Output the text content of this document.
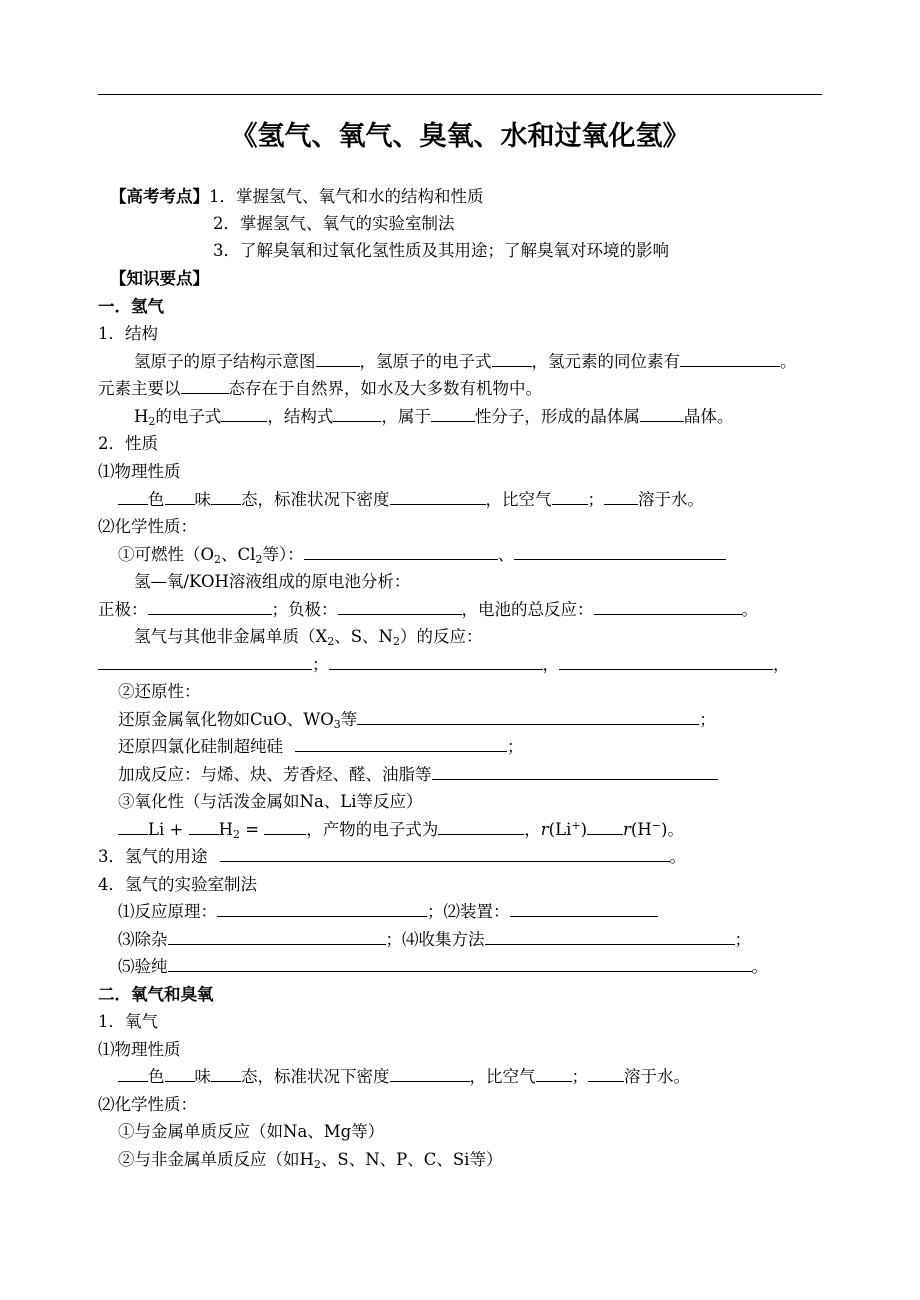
《氢气、氧气、臭氧、水和过氧化氢》
【高考考点】1．掌握氢气、氧气和水的结构和性质
2．掌握氢气、氧气的实验室制法
3．了解臭氧和过氧化氢性质及其用途；了解臭氧对环境的影响
【知识要点】
一．氢气
1．结构
氢原子的原子结构示意图	，氢原子的电子式 ，氢元素的同位素有	。
元素主要以	态存在于自然界，如水及大多数有机物中。
$H_2$的电子式	，结构式	，属于	性分子，形成的晶体属	晶体。
2．性质
⑴物理性质
色 味 态，标准状况下密度	，比空气 ； 溶于水。
⑵化学性质：
①可燃性（$O_2$、$Cl_2$等）：	、
氢—氧/KOH溶液组成的原电池分析：
正极：	；负极：	，电池的总反应：	。
氢气与其他非金属单质（$X_2$、S、$N_2$）的反应：
；	，	，
②还原性：
还原金属氧化物如CuO、$WO_3$等	；
还原四氯化硅制超纯硅	；
加成反应：与烯、炔、芳香烃、醛、油脂等
③氧化性（与活泼金属如Na、Li等反应）
$Li + H_2$ =	，产物的电子式为	，r(Li+) r(H−)。
3．氢气的用途	。
4．氢气的实验室制法
⑴反应原理：	；⑵装置：
⑶除杂	；⑷收集方法	；
⑸验纯	。
二．氧气和臭氧
1．氧气
⑴物理性质
色 味 态，标准状况下密度	，比空气 ； 溶于水。
⑵化学性质：
①与金属单质反应（如Na、Mg等）
②与非金属单质反应（如$H_2$、S、N、P、C、Si等）
